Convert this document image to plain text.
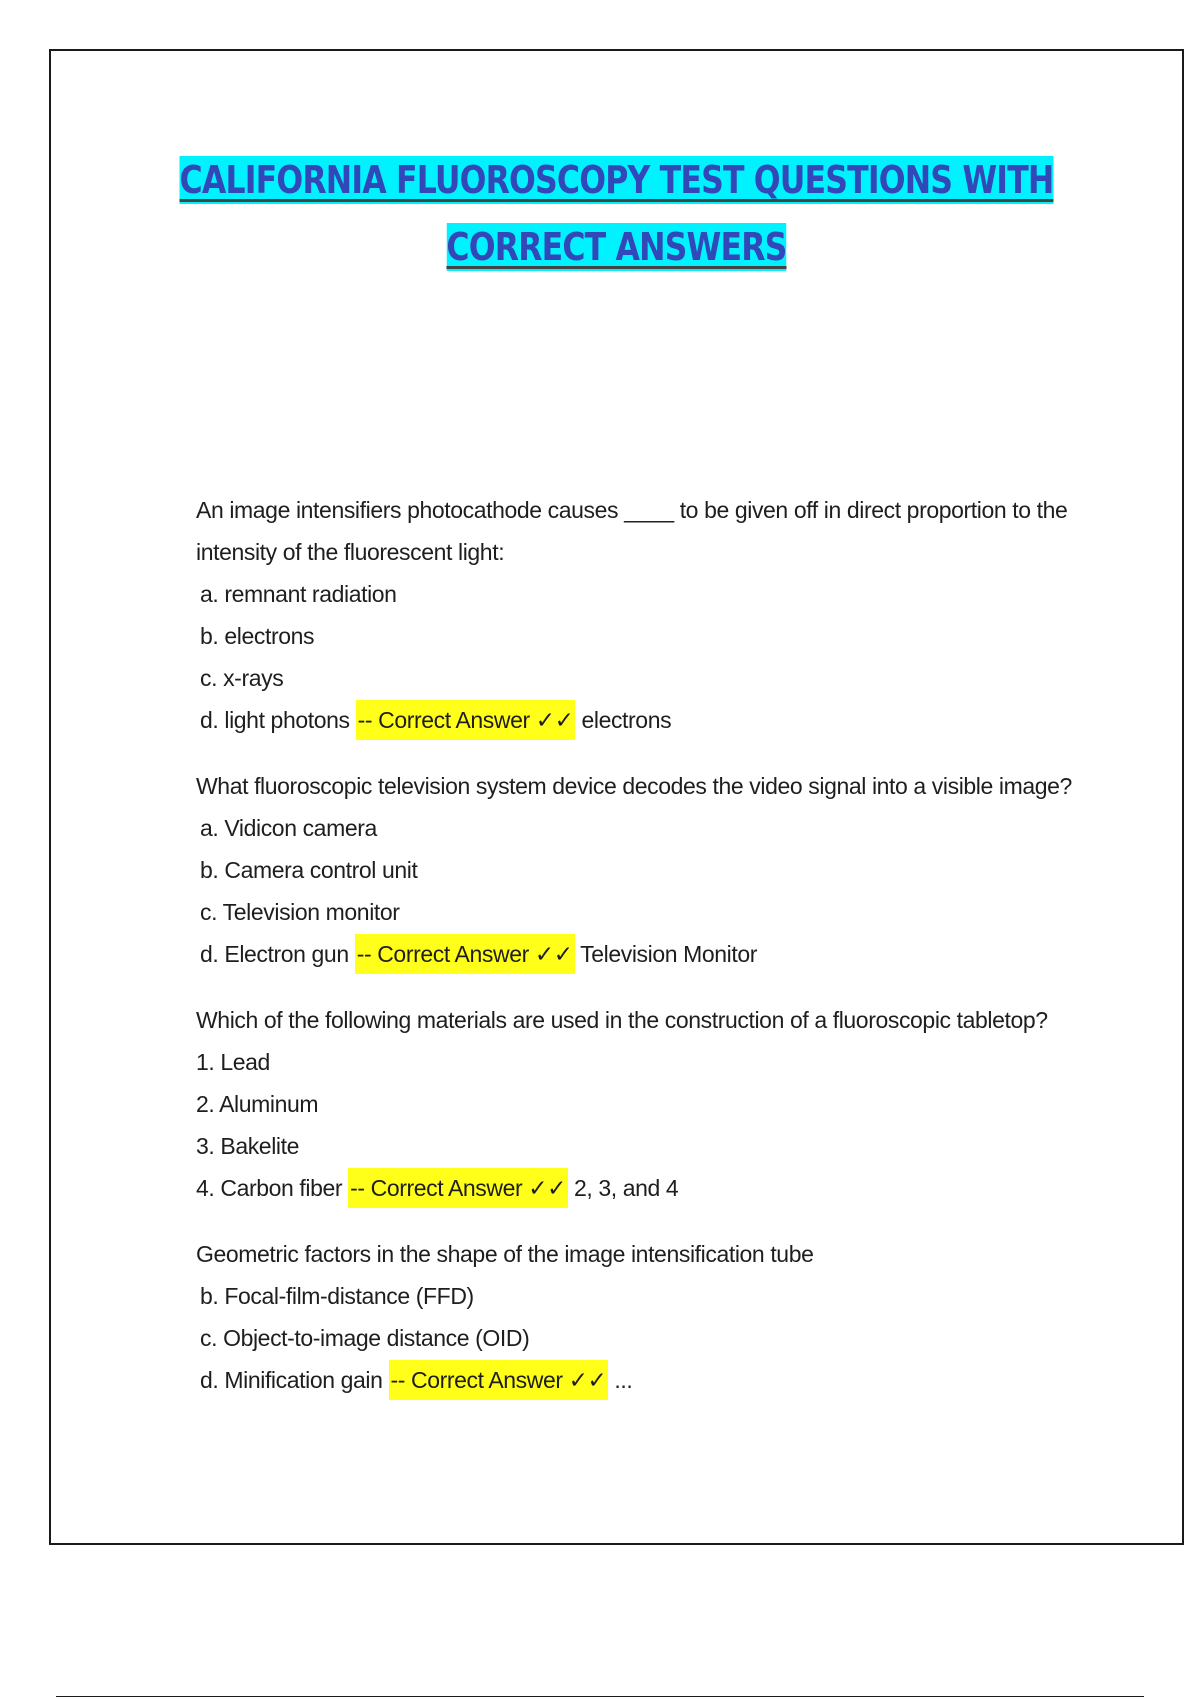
CALIFORNIA FLUOROSCOPY TEST QUESTIONS WITH CORRECT ANSWERS
An image intensifiers photocathode causes ____ to be given off in direct proportion to the intensity of the fluorescent light:
a. remnant radiation
b. electrons
c. x-rays
d. light photons -- Correct Answer ✓✓ electrons
What fluoroscopic television system device decodes the video signal into a visible image?
a. Vidicon camera
b. Camera control unit
c. Television monitor
d. Electron gun -- Correct Answer ✓✓ Television Monitor
Which of the following materials are used in the construction of a fluoroscopic tabletop?
1. Lead
2. Aluminum
3. Bakelite
4. Carbon fiber -- Correct Answer ✓✓ 2, 3, and 4
Geometric factors in the shape of the image intensification tube
b. Focal-film-distance (FFD)
c. Object-to-image distance (OID)
d. Minification gain -- Correct Answer ✓✓ ...
